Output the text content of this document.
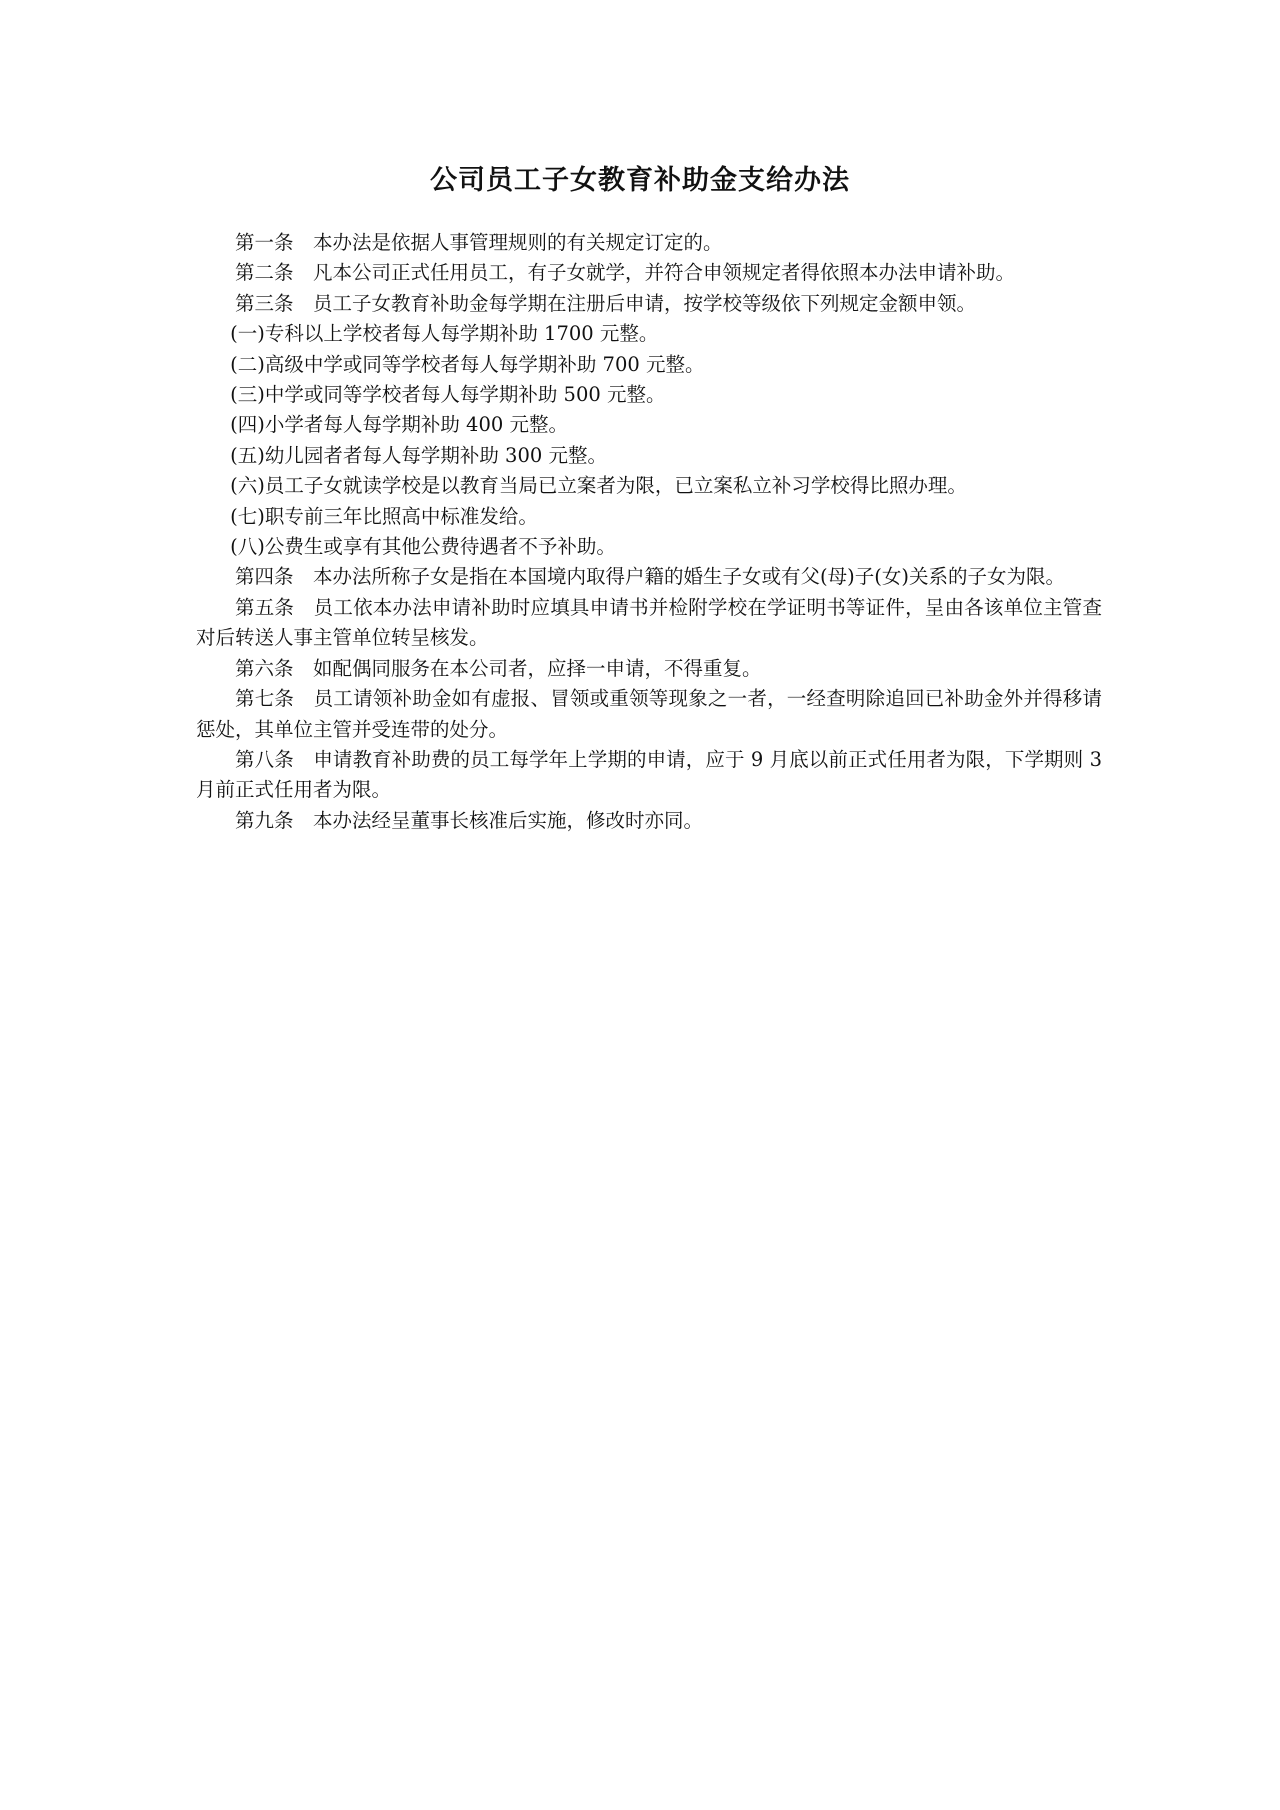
公司员工子女教育补助金支给办法

第一条 本办法是依据人事管理规则的有关规定订定的。

第二条 凡本公司正式任用员工，有子女就学，并符合申领规定者得依照本办法申请补助。

第三条 员工子女教育补助金每学期在注册后申请，按学校等级依下列规定金额申领。

(一)专科以上学校者每人每学期补助 1700 元整。

(二)高级中学或同等学校者每人每学期补助 700 元整。

(三)中学或同等学校者每人每学期补助 500 元整。

(四)小学者每人每学期补助 400 元整。

(五)幼儿园者者每人每学期补助 300 元整。

(六)员工子女就读学校是以教育当局已立案者为限，已立案私立补习学校得比照办理。

(七)职专前三年比照高中标准发给。

(八)公费生或享有其他公费待遇者不予补助。

第四条 本办法所称子女是指在本国境内取得户籍的婚生子女或有父(母)子(女)关系的子女为限。

第五条 员工依本办法申请补助时应填具申请书并检附学校在学证明书等证件，呈由各该单位主管查对后转送人事主管单位转呈核发。

第六条 如配偶同服务在本公司者，应择一申请，不得重复。

第七条 员工请领补助金如有虚报、冒领或重领等现象之一者，一经查明除追回已补助金外并得移请惩处，其单位主管并受连带的处分。

第八条 申请教育补助费的员工每学年上学期的申请，应于 9 月底以前正式任用者为限，下学期则 3 月前正式任用者为限。

第九条 本办法经呈董事长核准后实施，修改时亦同。
